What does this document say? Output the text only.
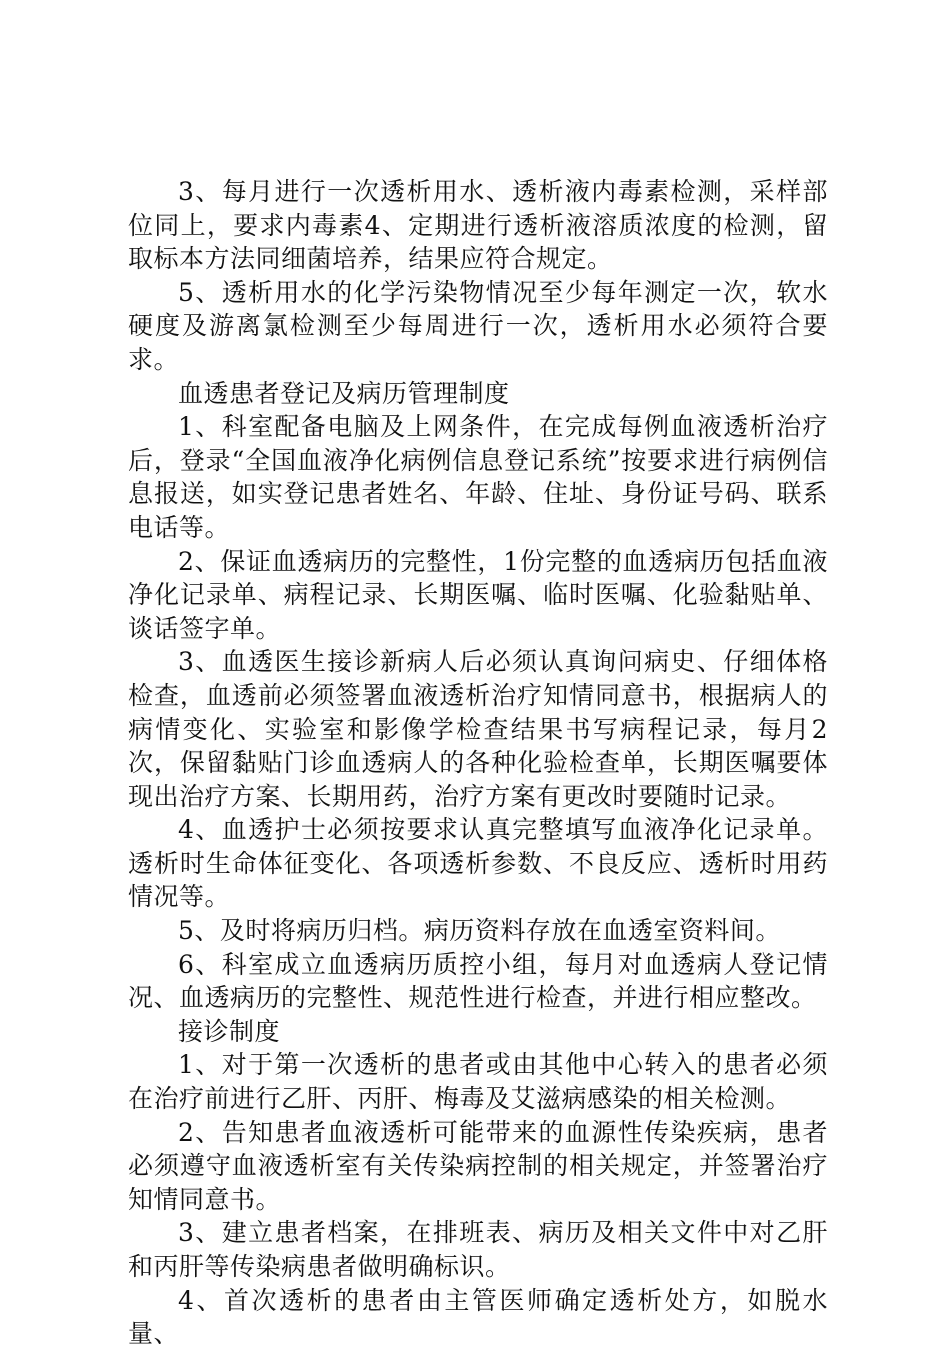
3、每月进行一次透析用水、透析液内毒素检测，采样部位同上，要求内毒素4、定期进行透析液溶质浓度的检测，留取标本方法同细菌培养，结果应符合规定。

5、透析用水的化学污染物情况至少每年测定一次，软水硬度及游离氯检测至少每周进行一次，透析用水必须符合要求。

血透患者登记及病历管理制度

1、科室配备电脑及上网条件，在完成每例血液透析治疗后，登录“全国血液净化病例信息登记系统”按要求进行病例信息报送，如实登记患者姓名、年龄、住址、身份证号码、联系电话等。

2、保证血透病历的完整性，1份完整的血透病历包括血液净化记录单、病程记录、长期医嘱、临时医嘱、化验黏贴单、谈话签字单。

3、血透医生接诊新病人后必须认真询问病史、仔细体格检查，血透前必须签署血液透析治疗知情同意书，根据病人的病情变化、实验室和影像学检查结果书写病程记录，每月2次，保留黏贴门诊血透病人的各种化验检查单，长期医嘱要体现出治疗方案、长期用药，治疗方案有更改时要随时记录。

4、血透护士必须按要求认真完整填写血液净化记录单。透析时生命体征变化、各项透析参数、不良反应、透析时用药情况等。

5、及时将病历归档。病历资料存放在血透室资料间。

6、科室成立血透病历质控小组，每月对血透病人登记情况、血透病历的完整性、规范性进行检查，并进行相应整改。

接诊制度

1、对于第一次透析的患者或由其他中心转入的患者必须在治疗前进行乙肝、丙肝、梅毒及艾滋病感染的相关检测。

2、告知患者血液透析可能带来的血源性传染疾病，患者必须遵守血液透析室有关传染病控制的相关规定，并签署治疗知情同意书。

3、建立患者档案，在排班表、病历及相关文件中对乙肝和丙肝等传染病患者做明确标识。

4、首次透析的患者由主管医师确定透析处方，如脱水量、
